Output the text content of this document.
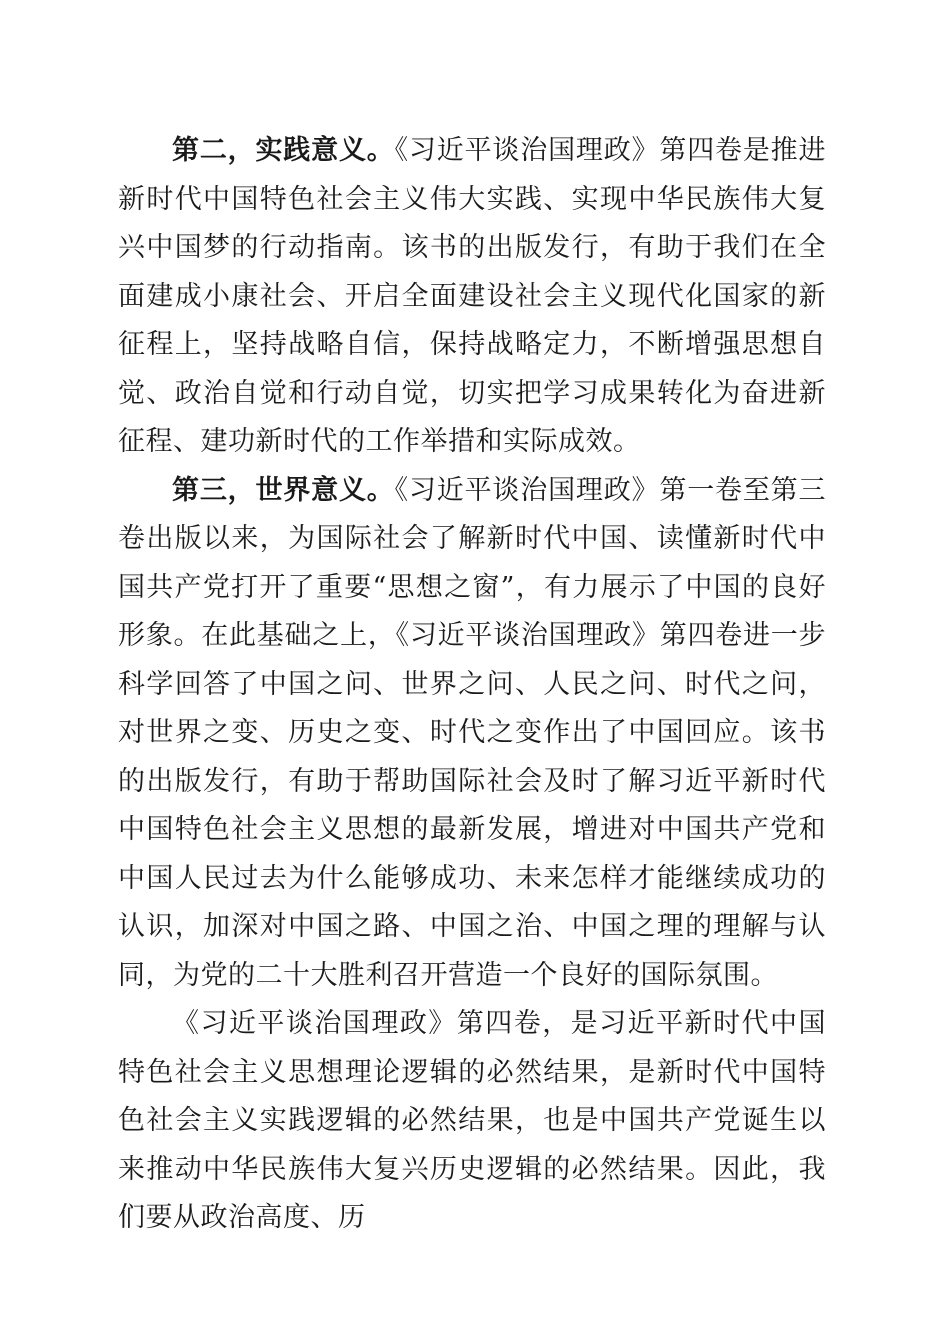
第二，实践意义。《习近平谈治国理政》第四卷是推进新时代中国特色社会主义伟大实践、实现中华民族伟大复兴中国梦的行动指南。该书的出版发行，有助于我们在全面建成小康社会、开启全面建设社会主义现代化国家的新征程上，坚持战略自信，保持战略定力，不断增强思想自觉、政治自觉和行动自觉，切实把学习成果转化为奋进新征程、建功新时代的工作举措和实际成效。

第三，世界意义。《习近平谈治国理政》第一卷至第三卷出版以来，为国际社会了解新时代中国、读懂新时代中国共产党打开了重要“思想之窗”，有力展示了中国的良好形象。在此基础之上，《习近平谈治国理政》第四卷进一步科学回答了中国之问、世界之问、人民之问、时代之问，对世界之变、历史之变、时代之变作出了中国回应。该书的出版发行，有助于帮助国际社会及时了解习近平新时代中国特色社会主义思想的最新发展，增进对中国共产党和中国人民过去为什么能够成功、未来怎样才能继续成功的认识，加深对中国之路、中国之治、中国之理的理解与认同，为党的二十大胜利召开营造一个良好的国际氛围。

《习近平谈治国理政》第四卷，是习近平新时代中国特色社会主义思想理论逻辑的必然结果，是新时代中国特色社会主义实践逻辑的必然结果，也是中国共产党诞生以来推动中华民族伟大复兴历史逻辑的必然结果。因此，我们要从政治高度、历
